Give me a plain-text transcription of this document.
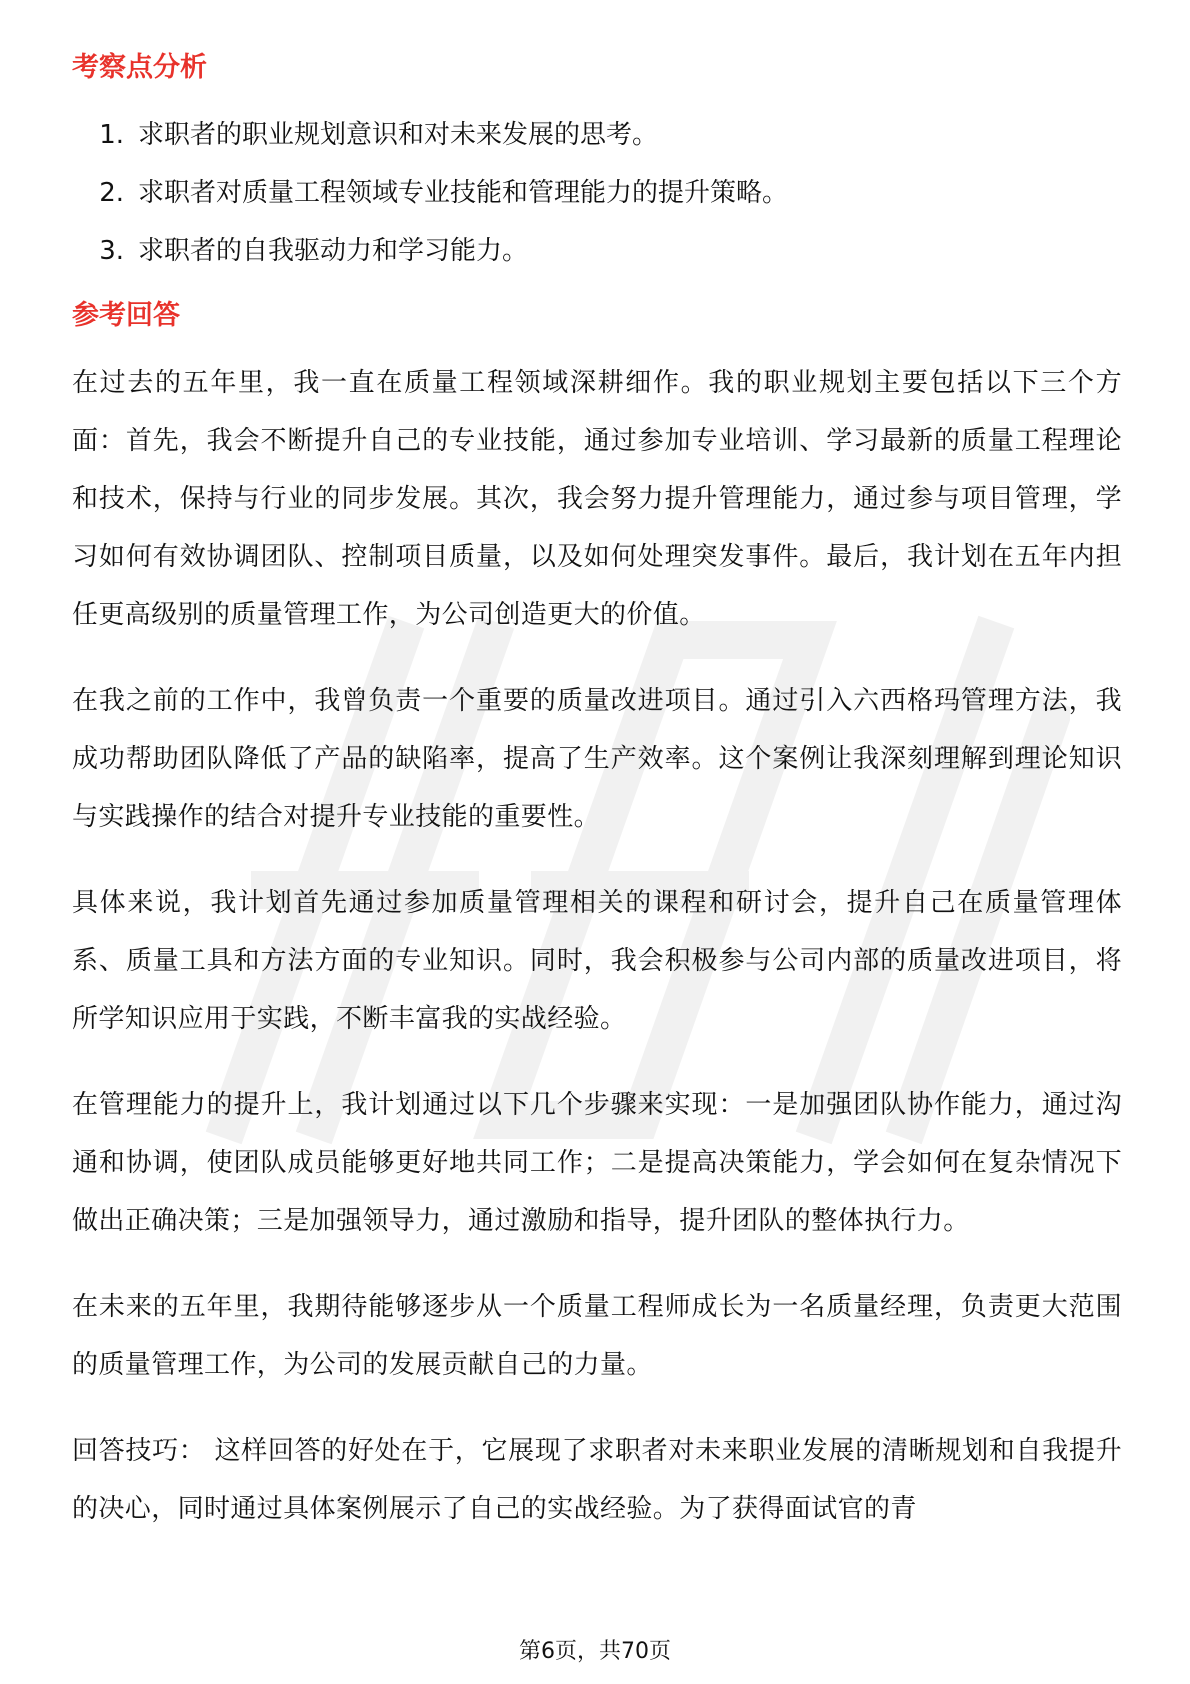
考察点分析
1. 求职者的职业规划意识和对未来发展的思考。
2. 求职者对质量工程领域专业技能和管理能力的提升策略。
3. 求职者的自我驱动力和学习能力。
参考回答

在过去的五年里，我一直在质量工程领域深耕细作。我的职业规划主要包括以下三个方面：首先，我会不断提升自己的专业技能，通过参加专业培训、学习最新的质量工程理论和技术，保持与行业的同步发展。其次，我会努力提升管理能力，通过参与项目管理，学习如何有效协调团队、控制项目质量，以及如何处理突发事件。最后，我计划在五年内担任更高级别的质量管理工作，为公司创造更大的价值。

在我之前的工作中，我曾负责一个重要的质量改进项目。通过引入六西格玛管理方法，我成功帮助团队降低了产品的缺陷率，提高了生产效率。这个案例让我深刻理解到理论知识与实践操作的结合对提升专业技能的重要性。

具体来说，我计划首先通过参加质量管理相关的课程和研讨会，提升自己在质量管理体系、质量工具和方法方面的专业知识。同时，我会积极参与公司内部的质量改进项目，将所学知识应用于实践，不断丰富我的实战经验。

在管理能力的提升上，我计划通过以下几个步骤来实现：一是加强团队协作能力，通过沟通和协调，使团队成员能够更好地共同工作；二是提高决策能力，学会如何在复杂情况下做出正确决策；三是加强领导力，通过激励和指导，提升团队的整体执行力。

在未来的五年里，我期待能够逐步从一个质量工程师成长为一名质量经理，负责更大范围的质量管理工作，为公司的发展贡献自己的力量。

回答技巧： 这样回答的好处在于，它展现了求职者对未来职业发展的清晰规划和自我提升的决心，同时通过具体案例展示了自己的实战经验。为了获得面试官的青

第6页，共70页
